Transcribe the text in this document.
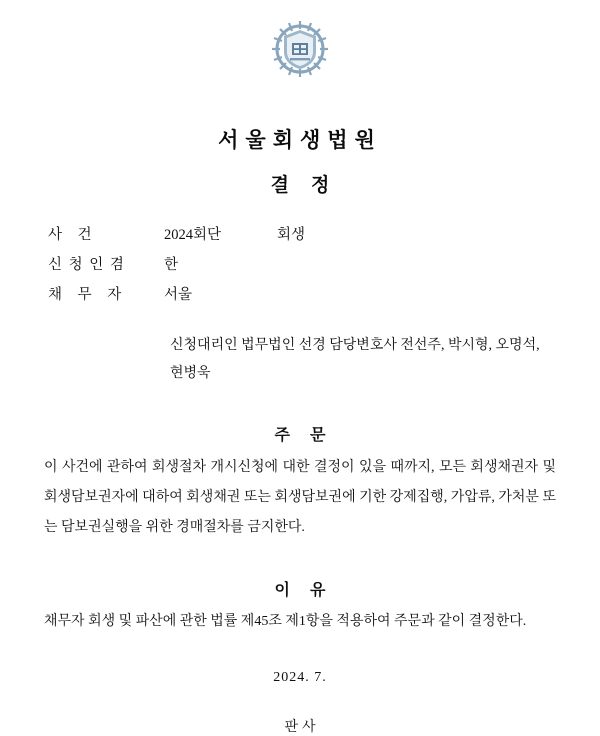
서울회생법원
결정
사 건	2024회단	회생
신 청 인 겸	한
채 무 자	서울
신청대리인 법무법인 선경 담당변호사 전선주, 박시형, 오명석,
현병욱
주문
이 사건에 관하여 회생절차 개시신청에 대한 결정이 있을 때까지, 모든 회생채권자 및 회생담보권자에 대하여 회생채권 또는 회생담보권에 기한 강제집행, 가압류, 가처분 또는 담보권실행을 위한 경매절차를 금지한다.
이유
채무자 회생 및 파산에 관한 법률 제45조 제1항을 적용하여 주문과 같이 결정한다.
2024. 7.
판사
